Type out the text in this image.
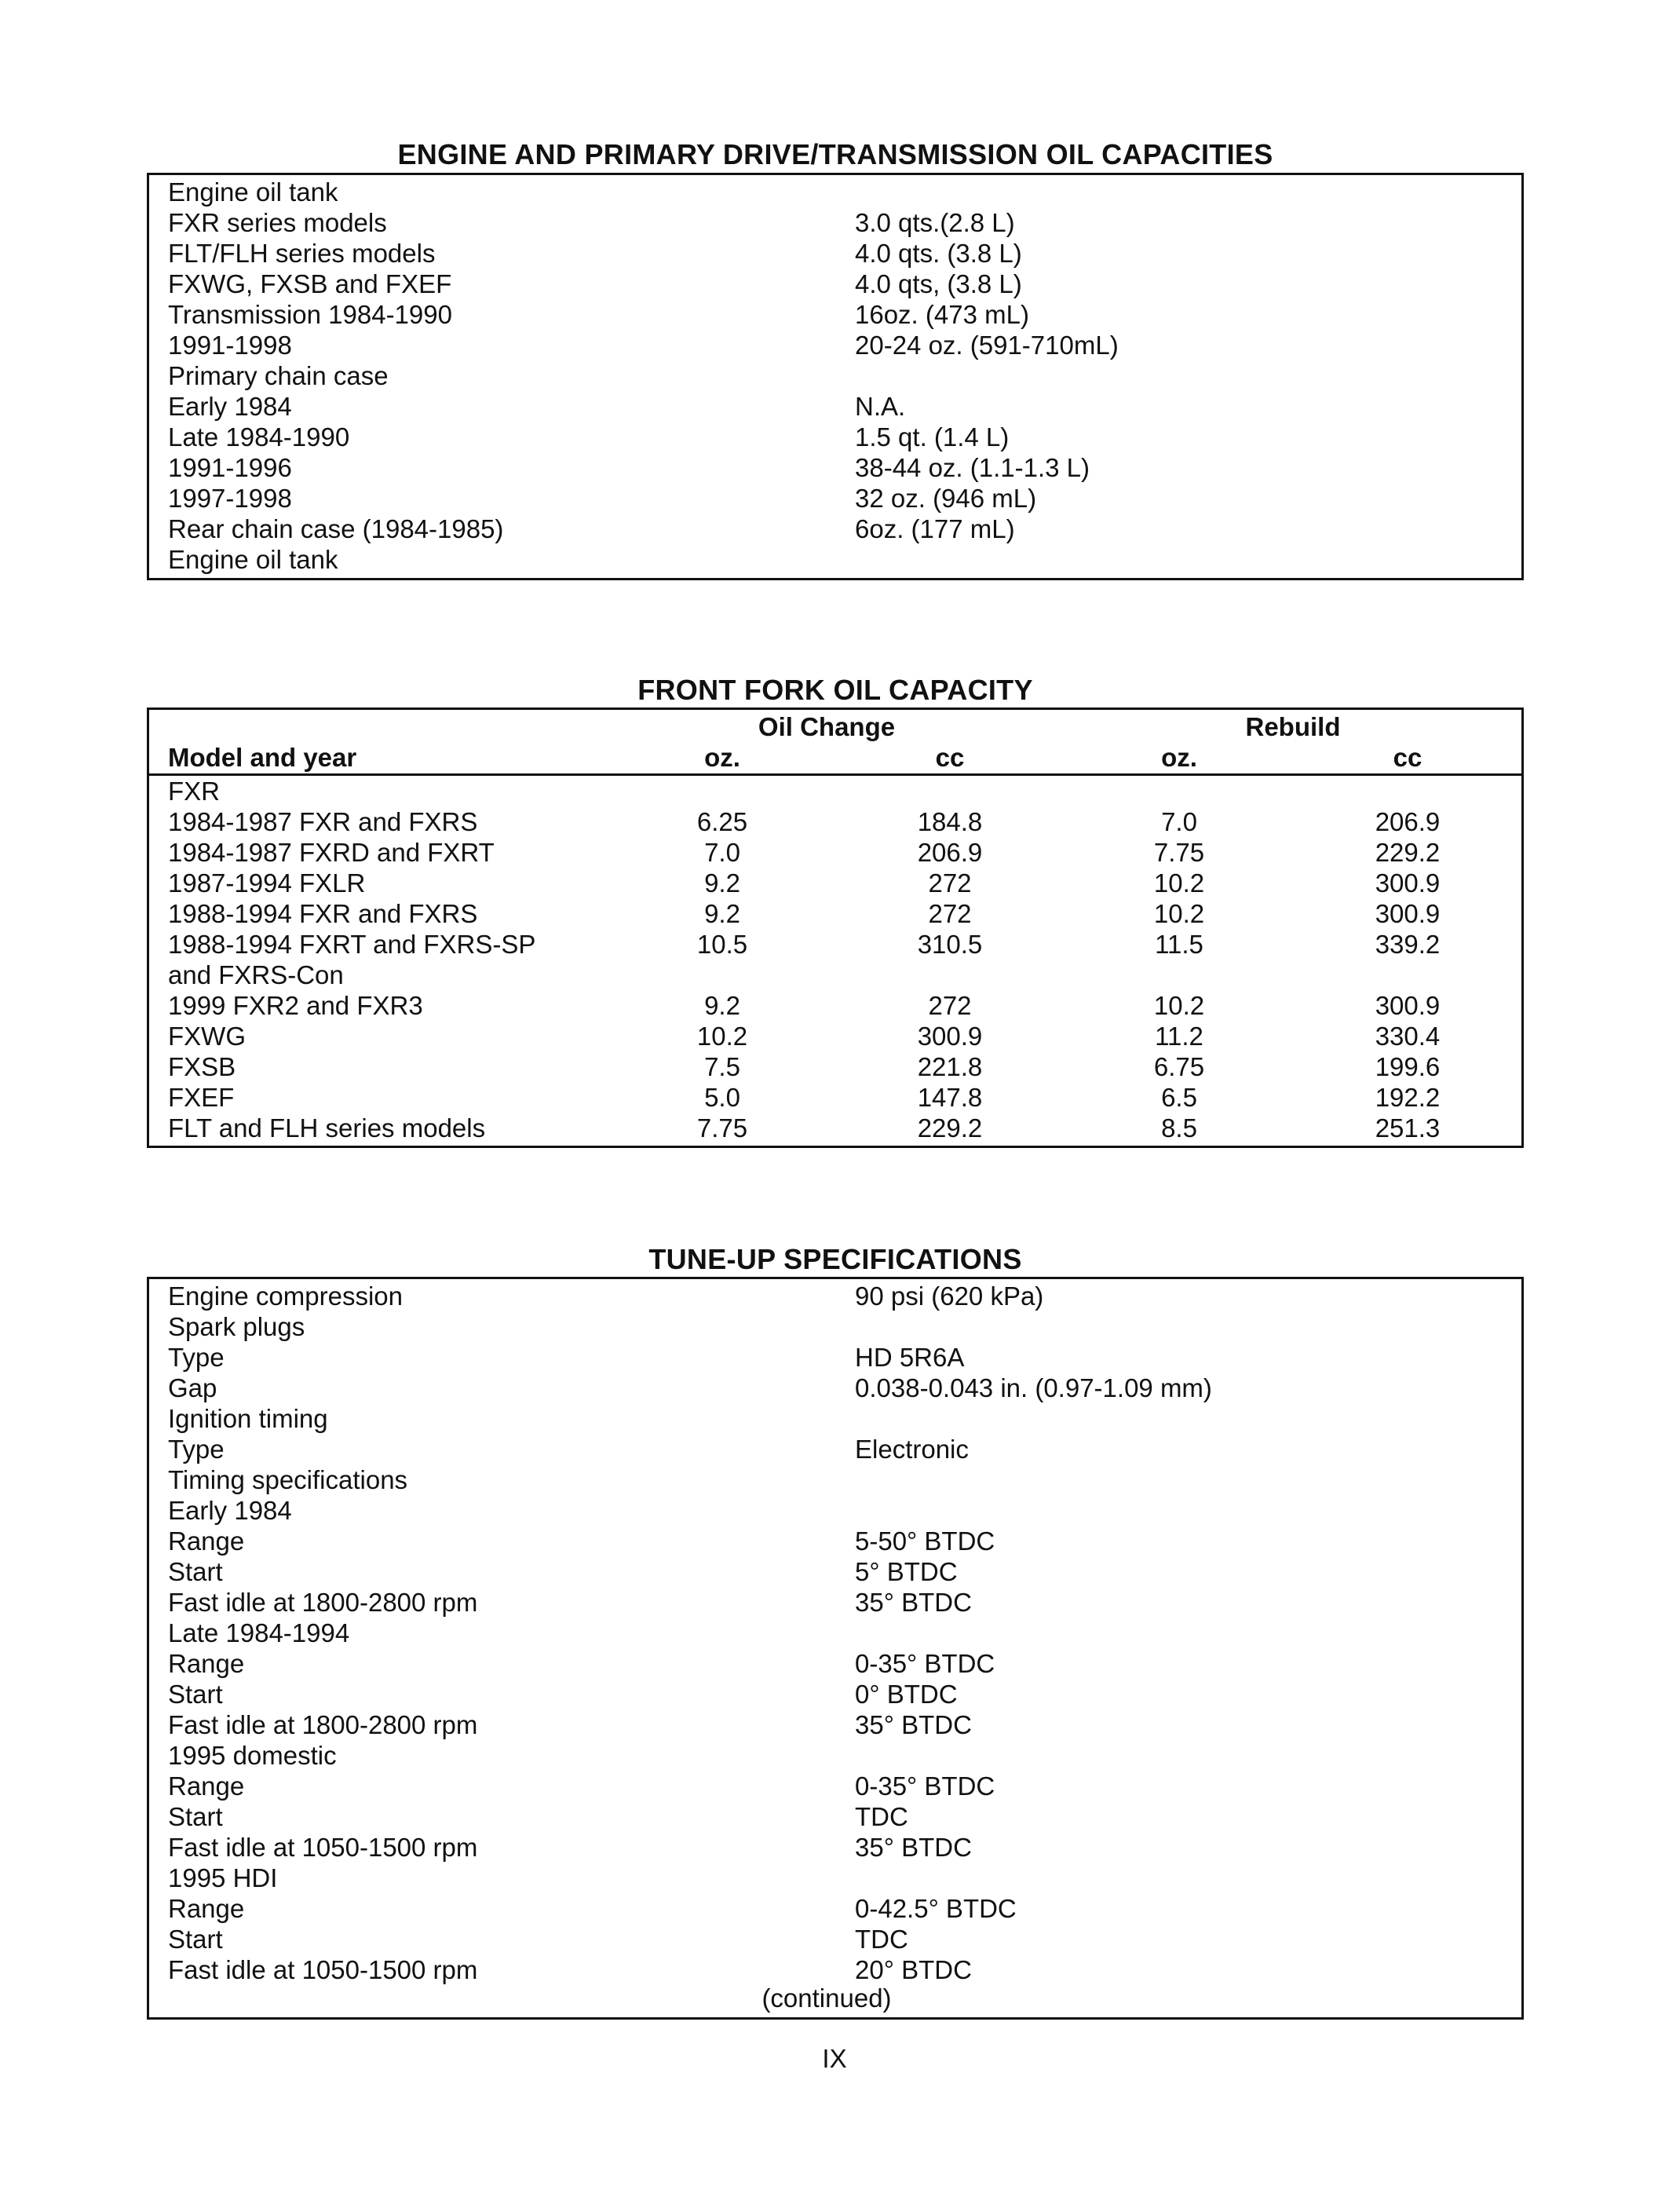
ENGINE AND PRIMARY DRIVE/TRANSMISSION OIL CAPACITIES
Engine oil tank
FXR series models	3.0 qts.(2.8 L)
FLT/FLH series models	4.0 qts. (3.8 L)
FXWG, FXSB and FXEF	4.0 qts, (3.8 L)
Transmission 1984-1990	16oz. (473 mL)
1991-1998	20-24 oz. (591-710mL)
Primary chain case
Early 1984	N.A.
Late 1984-1990	1.5 qt. (1.4 L)
1991-1996	38-44 oz. (1.1-1.3 L)
1997-1998	32 oz. (946 mL)
Rear chain case (1984-1985)	6oz. (177 mL)
Engine oil tank
FRONT FORK OIL CAPACITY
Oil Change	Rebuild
Model and year	oz.	cc	oz.	cc
FXR
1984-1987 FXR and FXRS	6.25	184.8	7.0	206.9
1984-1987 FXRD and FXRT	7.0	206.9	7.75	229.2
1987-1994 FXLR	9.2	272	10.2	300.9
1988-1994 FXR and FXRS	9.2	272	10.2	300.9
1988-1994 FXRT and FXRS-SP	10.5	310.5	11.5	339.2
and FXRS-Con
1999 FXR2 and FXR3	9.2	272	10.2	300.9
FXWG	10.2	300.9	11.2	330.4
FXSB	7.5	221.8	6.75	199.6
FXEF	5.0	147.8	6.5	192.2
FLT and FLH series models	7.75	229.2	8.5	251.3
TUNE-UP SPECIFICATIONS
(continued)
Engine compression	90 psi (620 kPa)
Spark plugs
Type	HD 5R6A
Gap	0.038-0.043 in. (0.97-1.09 mm)
Ignition timing
Type	Electronic
Timing specifications
Early 1984
Range	5-50° BTDC
Start	5° BTDC
Fast idle at 1800-2800 rpm	35° BTDC
Late 1984-1994
Range	0-35° BTDC
Start	0° BTDC
Fast idle at 1800-2800 rpm	35° BTDC
1995 domestic
Range	0-35° BTDC
Start	TDC
Fast idle at 1050-1500 rpm	35° BTDC
1995 HDI
Range	0-42.5° BTDC
Start	TDC
Fast idle at 1050-1500 rpm	20° BTDC
IX
